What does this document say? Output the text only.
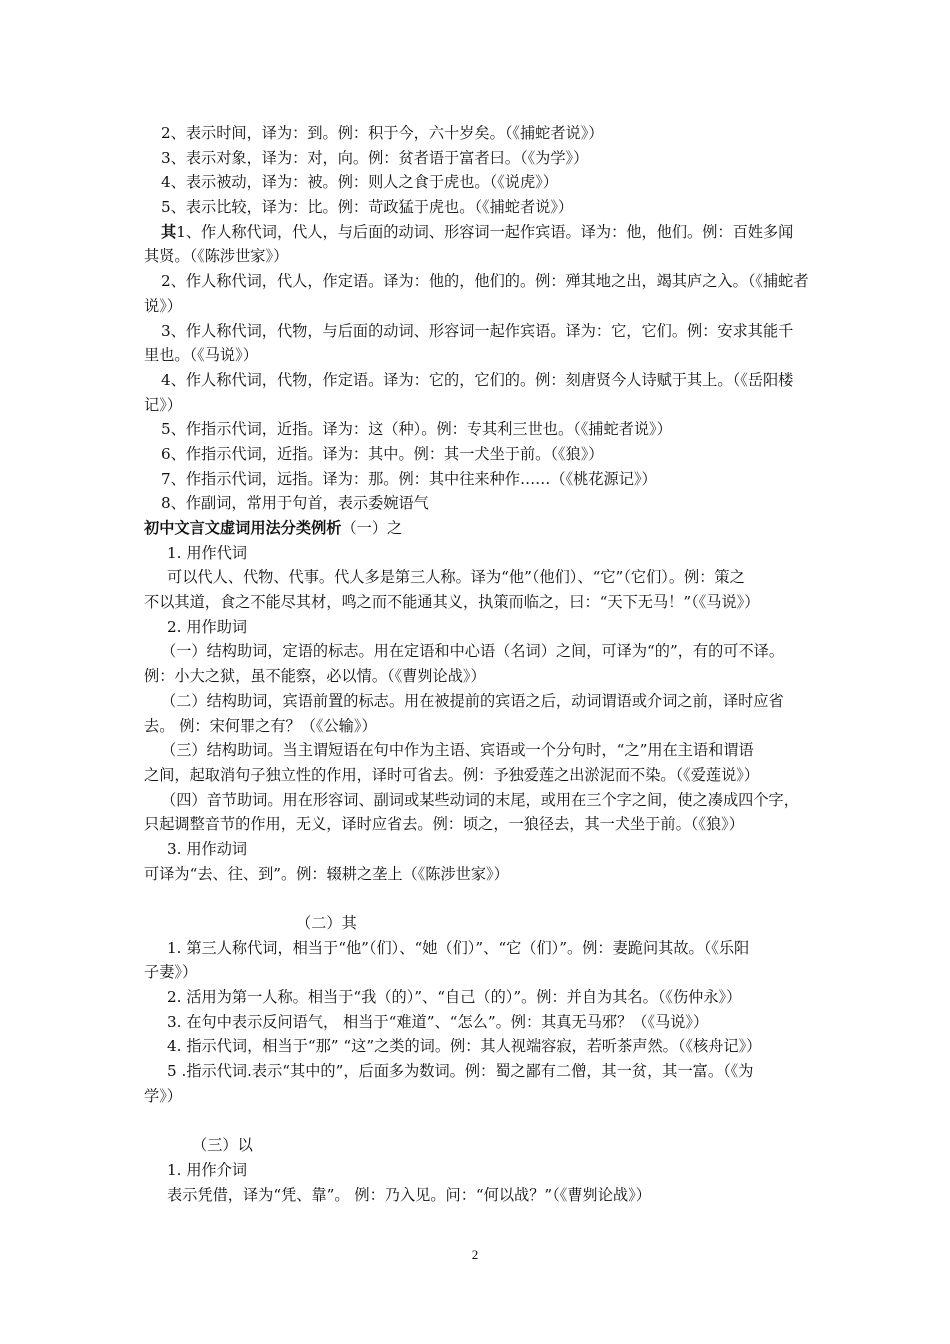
2、表示时间，译为：到。例：积于今，六十岁矣。（《捕蛇者说》）
3、表示对象，译为：对，向。例：贫者语于富者曰。（《为学》）
4、表示被动，译为：被。例：则人之食于虎也。（《说虎》）
5、表示比较，译为：比。例：苛政猛于虎也。（《捕蛇者说》）
其1、作人称代词，代人，与后面的动词、形容词一起作宾语。译为：他，他们。例：百姓多闻
其贤。（《陈涉世家》）
2、作人称代词，代人，作定语。译为：他的，他们的。例：殚其地之出，竭其庐之入。（《捕蛇者
说》）
3、作人称代词，代物，与后面的动词、形容词一起作宾语。译为：它，它们。例：安求其能千
里也。（《马说》）
4、作人称代词，代物，作定语。译为：它的，它们的。例：刻唐贤今人诗赋于其上。（《岳阳楼
记》）
5、作指示代词，近指。译为：这（种）。例：专其利三世也。（《捕蛇者说》）
6、作指示代词，近指。译为：其中。例：其一犬坐于前。（《狼》）
7、作指示代词，远指。译为：那。例：其中往来种作……（《桃花源记》）
8、作副词，常用于句首，表示委婉语气
初中文言文虚词用法分类例析（一）之
1. 用作代词
可以代人、代物、代事。代人多是第三人称。译为“他”（他们）、“它”（它们）。例：策之
不以其道，食之不能尽其材，鸣之而不能通其义，执策而临之，曰：“天下无马！”（《马说》）
2. 用作助词
（一）结构助词，定语的标志。用在定语和中心语（名词）之间，可译为“的”，有的可不译。
例：小大之狱，虽不能察，必以情。（《曹刿论战》）
（二）结构助词，宾语前置的标志。用在被提前的宾语之后，动词谓语或介词之前，译时应省
去。 例：宋何罪之有？（《公输》）
（三）结构助词。当主谓短语在句中作为主语、宾语或一个分句时，“之”用在主语和谓语
之间，起取消句子独立性的作用，译时可省去。例：予独爱莲之出淤泥而不染。（《爱莲说》）
（四）音节助词。用在形容词、副词或某些动词的末尾，或用在三个字之间，使之凑成四个字，
只起调整音节的作用，无义，译时应省去。例：顷之，一狼径去，其一犬坐于前。（《狼》）
3. 用作动词
可译为“去、往、到”。例：辍耕之垄上（《陈涉世家》）
（二）其
1. 第三人称代词，相当于“他”（们）、“她（们）”、“它（们）”。例：妻跪问其故。（《乐阳
子妻》）
2. 活用为第一人称。相当于“我（的）”、“自己（的）”。例：并自为其名。（《伤仲永》）
3. 在句中表示反问语气， 相当于“难道”、“怎么”。例：其真无马邪？（《马说》）
4. 指示代词，相当于“那” “这”之类的词。例：其人视端容寂，若听茶声然。（《核舟记》）
5 .指示代词.表示“其中的”，后面多为数词。例：蜀之鄙有二僧，其一贫，其一富。（《为
学》）
（三）以
1. 用作介词
表示凭借，译为“凭、靠”。 例：乃入见。问：“何以战？”（《曹刿论战》）
2
